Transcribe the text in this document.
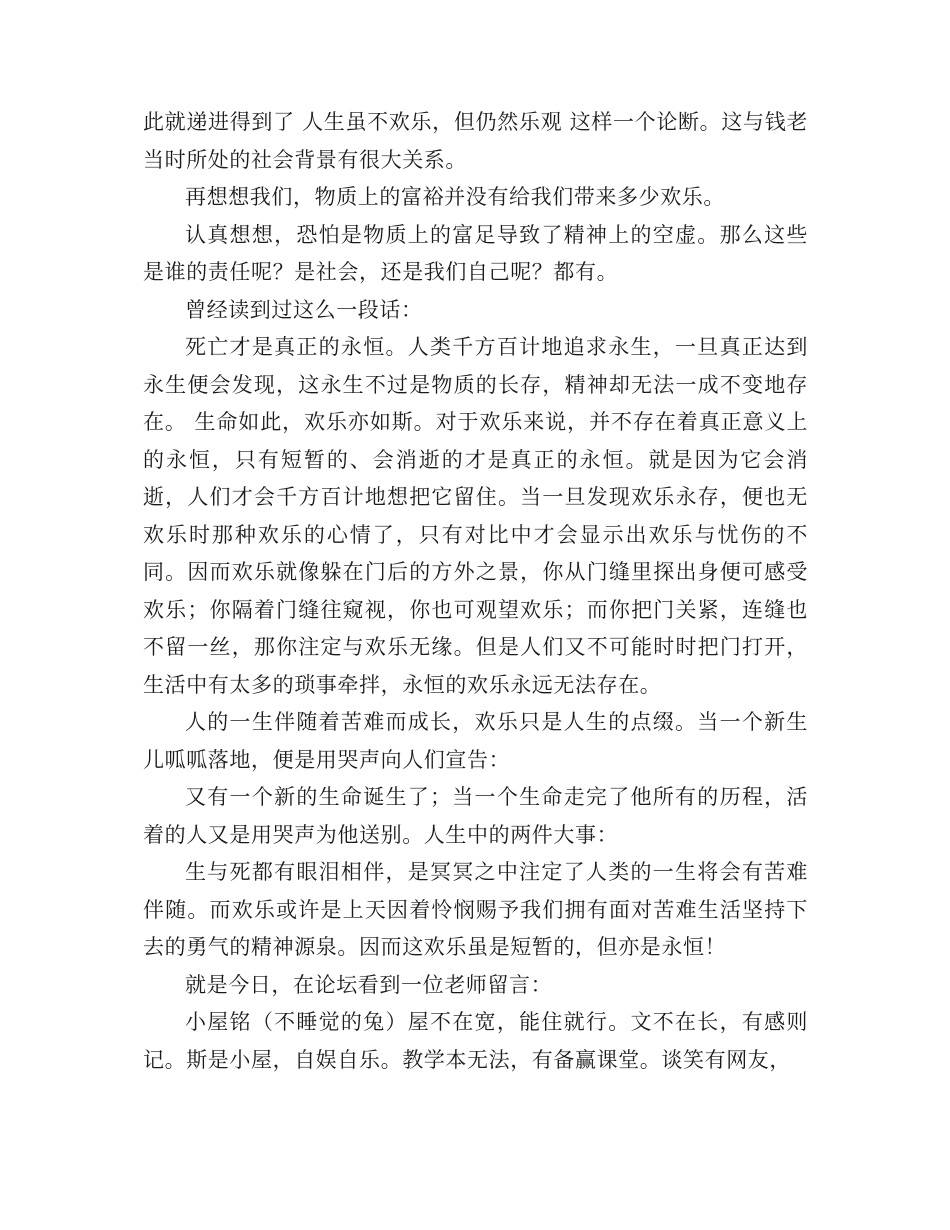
此就递进得到了 人生虽不欢乐，但仍然乐观 这样一个论断。这与钱老当时所处的社会背景有很大关系。

再想想我们，物质上的富裕并没有给我们带来多少欢乐。

认真想想，恐怕是物质上的富足导致了精神上的空虚。那么这些是谁的责任呢？是社会，还是我们自己呢？都有。

曾经读到过这么一段话：

死亡才是真正的永恒。人类千方百计地追求永生，一旦真正达到永生便会发现，这永生不过是物质的长存，精神却无法一成不变地存在。 生命如此，欢乐亦如斯。对于欢乐来说，并不存在着真正意义上的永恒，只有短暂的、会消逝的才是真正的永恒。就是因为它会消逝，人们才会千方百计地想把它留住。当一旦发现欢乐永存，便也无欢乐时那种欢乐的心情了，只有对比中才会显示出欢乐与忧伤的不同。因而欢乐就像躲在门后的方外之景，你从门缝里探出身便可感受欢乐；你隔着门缝往窥视，你也可观望欢乐；而你把门关紧，连缝也不留一丝，那你注定与欢乐无缘。但是人们又不可能时时把门打开，生活中有太多的琐事牵拌，永恒的欢乐永远无法存在。

人的一生伴随着苦难而成长，欢乐只是人生的点缀。当一个新生儿呱呱落地，便是用哭声向人们宣告：

又有一个新的生命诞生了；当一个生命走完了他所有的历程，活着的人又是用哭声为他送别。人生中的两件大事：

生与死都有眼泪相伴，是冥冥之中注定了人类的一生将会有苦难伴随。而欢乐或许是上天因着怜悯赐予我们拥有面对苦难生活坚持下去的勇气的精神源泉。因而这欢乐虽是短暂的，但亦是永恒！

就是今日，在论坛看到一位老师留言：

小屋铭（不睡觉的兔）屋不在宽，能住就行。文不在长，有感则记。斯是小屋，自娱自乐。教学本无法，有备赢课堂。谈笑有网友，
